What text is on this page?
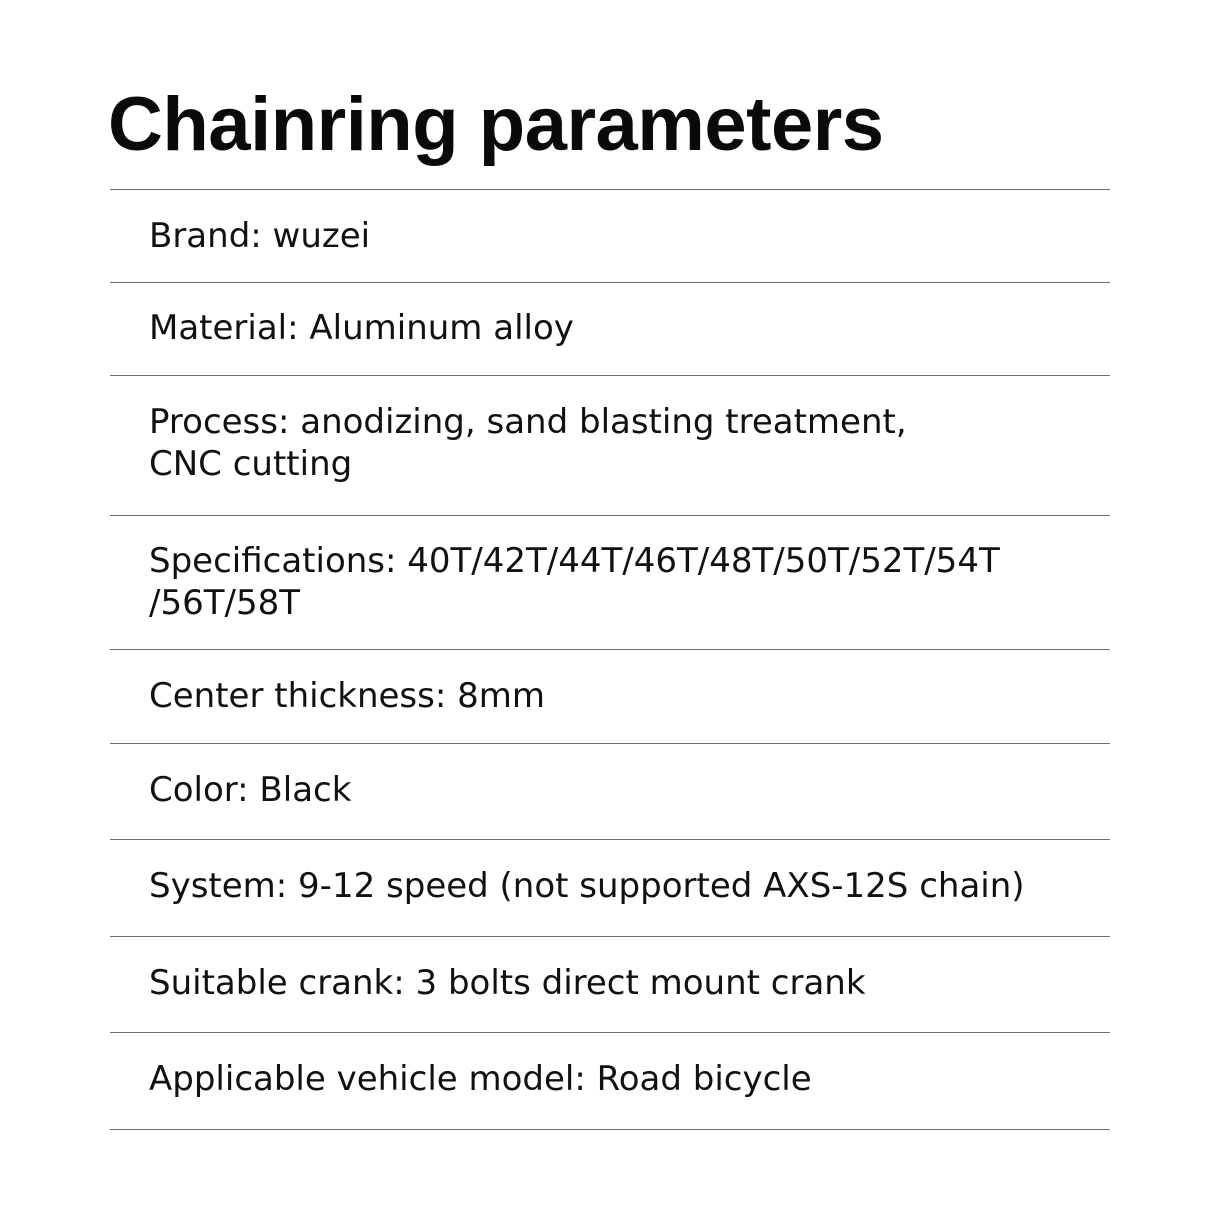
Chainring parameters
Brand: wuzei
Material: Aluminum alloy
Process: anodizing, sand blasting treatment,
CNC cutting
Specifications: 40T/42T/44T/46T/48T/50T/52T/54T
/56T/58T
Center thickness: 8mm
Color: Black
System: 9-12 speed (not supported AXS-12S chain)
Suitable crank: 3 bolts direct mount crank
Applicable vehicle model: Road bicycle
